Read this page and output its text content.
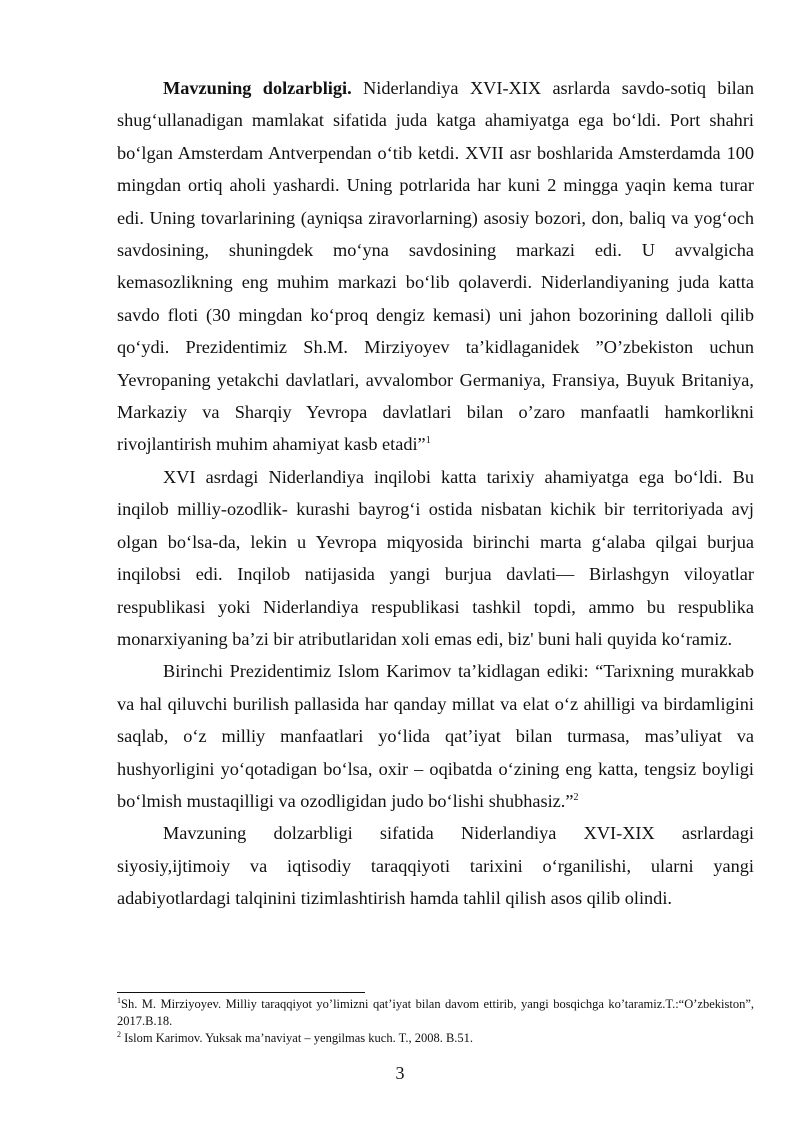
Mavzuning dolzarbligi. Niderlandiya XVI-XIX asrlarda savdo-sotiq bilan shug‘ullanadigan mamlakat sifatida juda katga ahamiyatga ega bo‘ldi. Port shahri bo‘lgan Amsterdam Antverpendan o‘tib ketdi. XVII asr boshlarida Amsterdamda 100 mingdan ortiq aholi yashardi. Uning potrlarida har kuni 2 mingga yaqin kema turar edi. Uning tovarlarining (ayniqsa ziravorlarning) asosiy bozori, don, baliq va yog‘och savdosining, shuningdek mo‘yna savdosining markazi edi. U avvalgicha kemasozlikning eng muhim markazi bo‘lib qolaverdi. Niderlandiyaning juda katta savdo floti (30 mingdan ko‘proq dengiz kemasi) uni jahon bozorining dalloli qilib qo‘ydi. Prezidentimiz Sh.M. Mirziyoyev ta’kidlaganidek ”O’zbekiston uchun Yevropaning yetakchi davlatlari, avvalombor Germaniya, Fransiya, Buyuk Britaniya, Markaziy va Sharqiy Yevropa davlatlari bilan o’zaro manfaatli hamkorlikni rivojlantirish muhim ahamiyat kasb etadi”$^1$

XVI asrdagi Niderlandiya inqilobi katta tarixiy ahamiyatga ega bo‘ldi. Bu inqilob milliy-ozodlik- kurashi bayrog‘i ostida nisbatan kichik bir territoriyada avj olgan bo‘lsa-da, lekin u Yevropa miqyosida birinchi marta g‘alaba qilgai burjua inqilobsi edi. Inqilob natijasida yangi burjua davlati— Birlashgyn viloyatlar respublikasi yoki Niderlandiya respublikasi tashkil topdi, ammo bu respublika monarxiyaning ba’zi bir atributlaridan xoli emas edi, biz' buni hali quyida ko‘ramiz.

Birinchi Prezidentimiz Islom Karimov ta’kidlagan ediki: “Tarixning murakkab va hal qiluvchi burilish pallasida har qanday millat va elat o‘z ahilligi va birdamligini saqlab, o‘z milliy manfaatlari yo‘lida qat’iyat bilan turmasa, mas’uliyat va hushyorligini yo‘qotadigan bo‘lsa, oxir – oqibatda o‘zining eng katta, tengsiz boyligi bo‘lmish mustaqilligi va ozodligidan judo bo‘lishi shubhasiz.”$^2$

Mavzuning dolzarbligi sifatida Niderlandiya XVI-XIX asrlardagi siyosiy,ijtimoiy va iqtisodiy taraqqiyoti tarixini o‘rganilishi, ularni yangi adabiyotlardagi talqinini tizimlashtirish hamda tahlil qilish asos qilib olindi.

$^1$Sh. M. Mirziyoyev. Milliy taraqqiyot yo’limizni qat’iyat bilan davom ettirib, yangi bosqichga ko’taramiz.T.:“O’zbekiston”, 2017.B.18.

$^2$ Islom Karimov. Yuksak ma’naviyat – yengilmas kuch. T., 2008. B.51.

3
